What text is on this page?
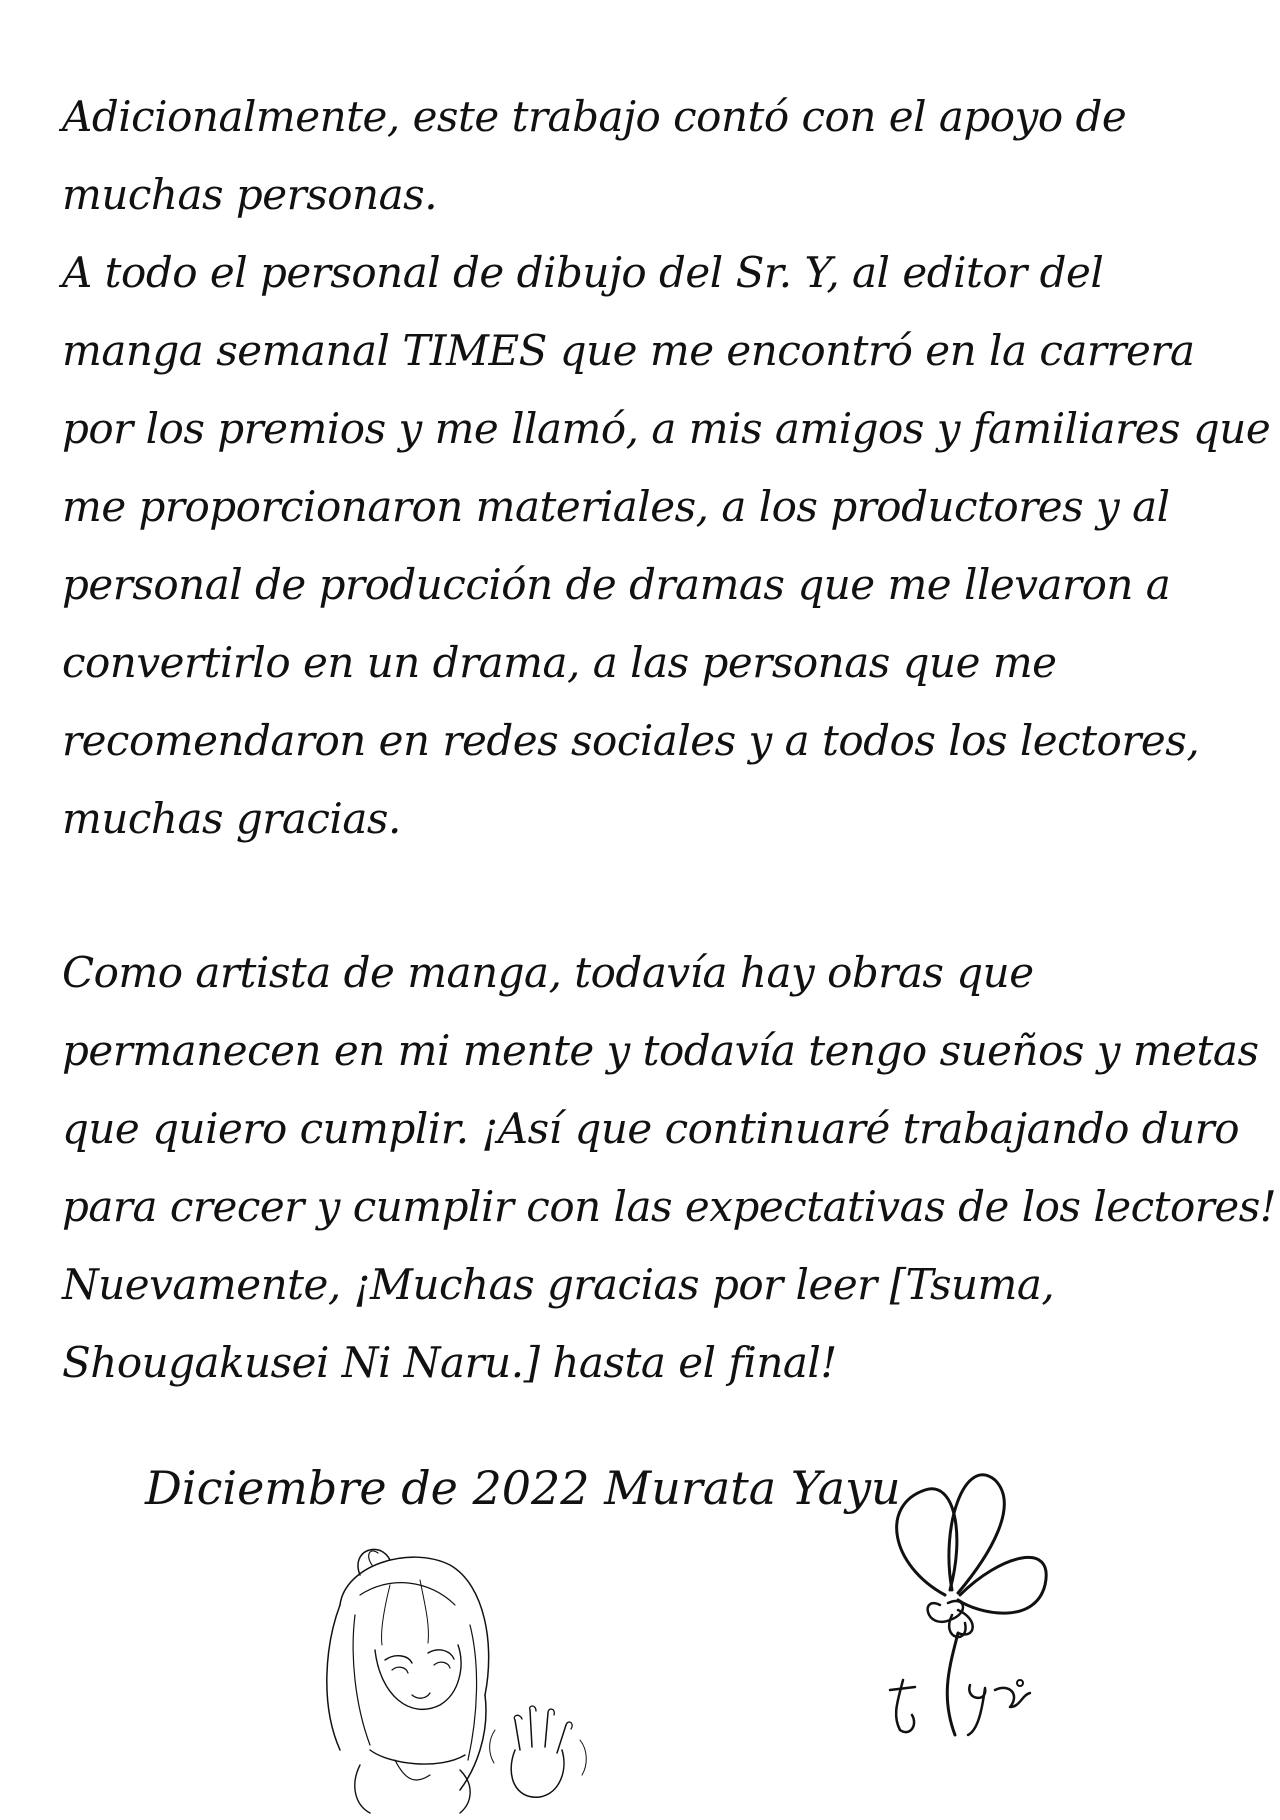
Adicionalmente, este trabajo contó con el apoyo de
muchas personas.
A todo el personal de dibujo del Sr. Y, al editor del
manga semanal TIMES que me encontró en la carrera
por los premios y me llamó, a mis amigos y familiares que
me proporcionaron materiales, a los productores y al
personal de producción de dramas que me llevaron a
convertirlo en un drama, a las personas que me
recomendaron en redes sociales y a todos los lectores,
muchas gracias.
Como artista de manga, todavía hay obras que
permanecen en mi mente y todavía tengo sueños y metas
que quiero cumplir. ¡Así que continuaré trabajando duro
para crecer y cumplir con las expectativas de los lectores!
Nuevamente, ¡Muchas gracias por leer [Tsuma,
Shougakusei Ni Naru.] hasta el final!
Diciembre de 2022 Murata Yayu
